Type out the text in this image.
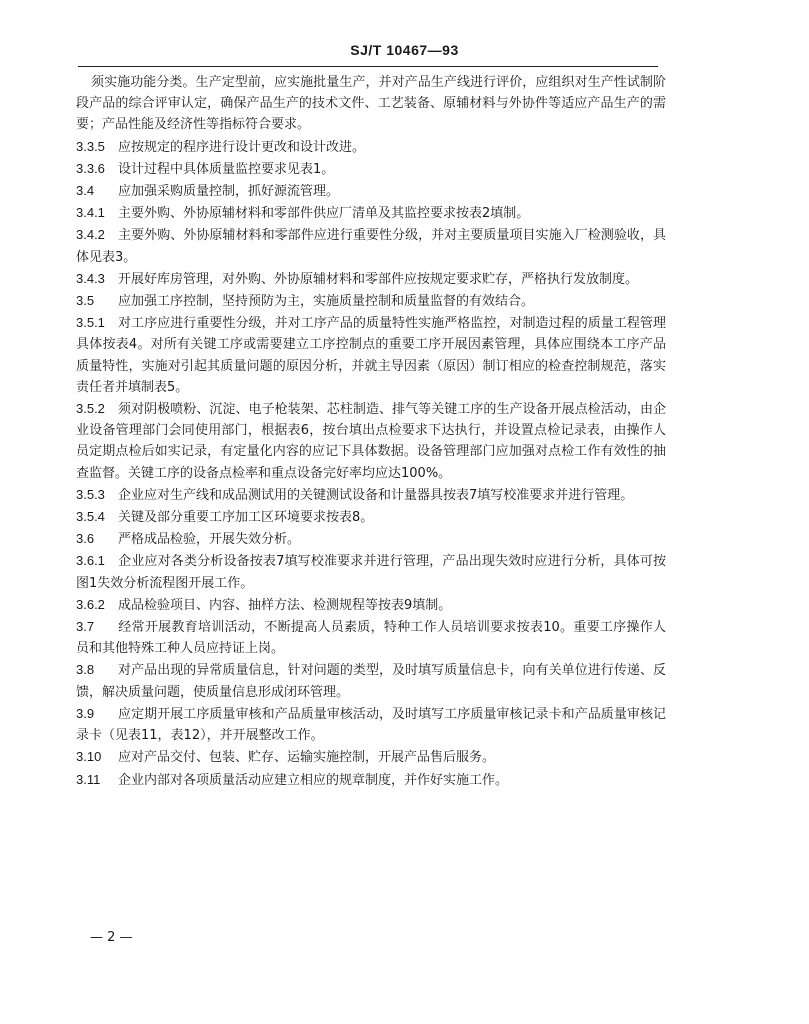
SJ/T 10467—93

须实施功能分类。生产定型前，应实施批量生产，并对产品生产线进行评价，应组织对生产性试制阶段产品的综合评审认定，确保产品生产的技术文件、工艺装备、原辅材料与外协件等适应产品生产的需要；产品性能及经济性等指标符合要求。

3.3.5 应按规定的程序进行设计更改和设计改进。

3.3.6 设计过程中具体质量监控要求见表1。

3.4 应加强采购质量控制，抓好源流管理。

3.4.1 主要外购、外协原辅材料和零部件供应厂清单及其监控要求按表2填制。

3.4.2 主要外购、外协原辅材料和零部件应进行重要性分级，并对主要质量项目实施入厂检测验收，具体见表3。

3.4.3 开展好库房管理，对外购、外协原辅材料和零部件应按规定要求贮存，严格执行发放制度。

3.5 应加强工序控制，坚持预防为主，实施质量控制和质量监督的有效结合。

3.5.1 对工序应进行重要性分级，并对工序产品的质量特性实施严格监控，对制造过程的质量工程管理具体按表4。对所有关键工序或需要建立工序控制点的重要工序开展因素管理，具体应围绕本工序产品质量特性，实施对引起其质量问题的原因分析，并就主导因素（原因）制订相应的检查控制规范，落实责任者并填制表5。

3.5.2 须对阴极喷粉、沉淀、电子枪装架、芯柱制造、排气等关键工序的生产设备开展点检活动，由企业设备管理部门会同使用部门，根据表6，按台填出点检要求下达执行，并设置点检记录表，由操作人员定期点检后如实记录，有定量化内容的应记下具体数据。设备管理部门应加强对点检工作有效性的抽查监督。关键工序的设备点检率和重点设备完好率均应达100%。

3.5.3 企业应对生产线和成品测试用的关键测试设备和计量器具按表7填写校准要求并进行管理。

3.5.4 关键及部分重要工序加工区环境要求按表8。

3.6 严格成品检验，开展失效分析。

3.6.1 企业应对各类分析设备按表7填写校准要求并进行管理，产品出现失效时应进行分析，具体可按图1失效分析流程图开展工作。

3.6.2 成品检验项目、内容、抽样方法、检测规程等按表9填制。

3.7 经常开展教育培训活动，不断提高人员素质，特种工作人员培训要求按表10。重要工序操作人员和其他特殊工种人员应持证上岗。

3.8 对产品出现的异常质量信息，针对问题的类型，及时填写质量信息卡，向有关单位进行传递、反馈，解决质量问题，使质量信息形成闭环管理。

3.9 应定期开展工序质量审核和产品质量审核活动，及时填写工序质量审核记录卡和产品质量审核记录卡（见表11，表12），并开展整改工作。

3.10 应对产品交付、包装、贮存、运输实施控制，开展产品售后服务。

3.11 企业内部对各项质量活动应建立相应的规章制度，并作好实施工作。

— 2 —
